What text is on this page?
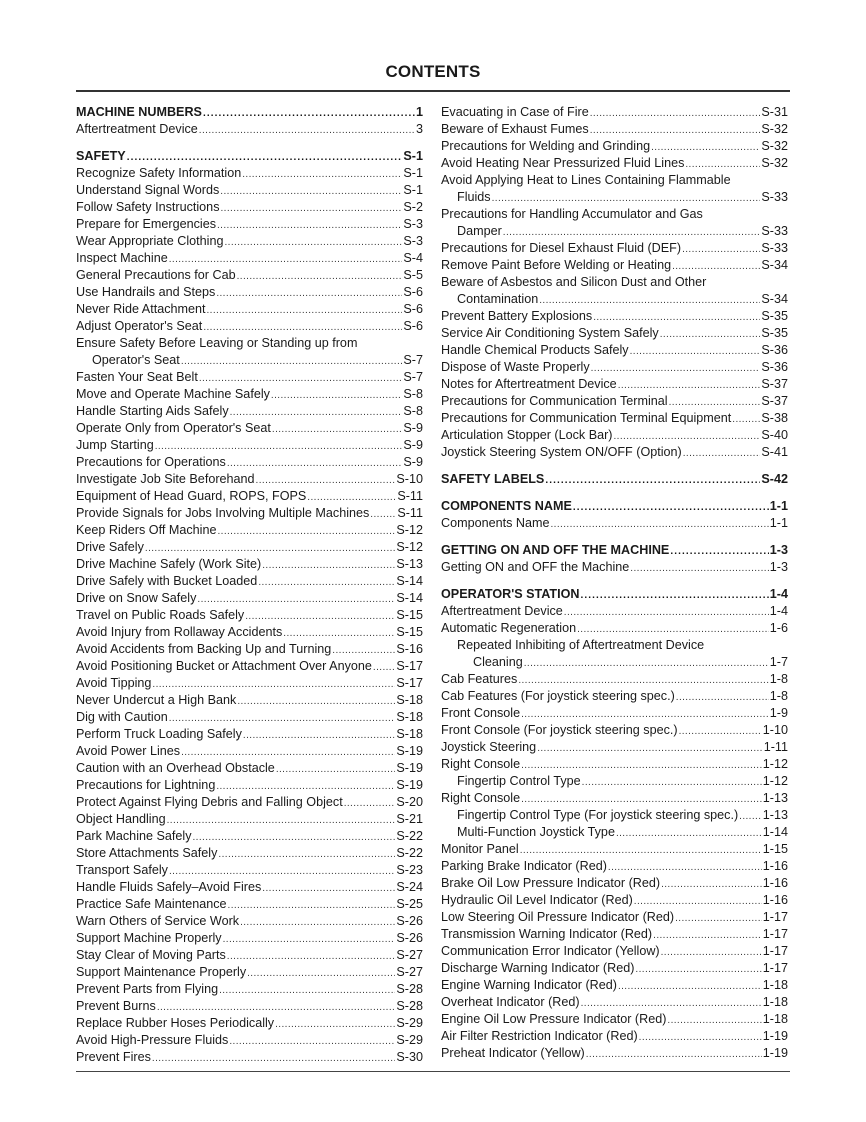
CONTENTS
MACHINE NUMBERS .....	1
Aftertreatment Device .....	3
SAFETY .....	S-1
Recognize Safety Information .....	S-1
Understand Signal Words .....	S-1
Follow Safety Instructions .....	S-2
Prepare for Emergencies .....	S-3
Wear Appropriate Clothing .....	S-3
Inspect Machine .....	S-4
General Precautions for Cab .....	S-5
Use Handrails and Steps .....	S-6
Never Ride Attachment .....	S-6
Adjust Operator's Seat .....	S-6
Ensure Safety Before Leaving or Standing up from
Operator's Seat .....	S-7
Fasten Your Seat Belt .....	S-7
Move and Operate Machine Safely .....	S-8
Handle Starting Aids Safely .....	S-8
Operate Only from Operator's Seat .....	S-9
Jump Starting .....	S-9
Precautions for Operations .....	S-9
Investigate Job Site Beforehand .....	S-10
Equipment of Head Guard, ROPS, FOPS .....	S-11
Provide Signals for Jobs Involving Multiple Machines ..... S-11
Keep Riders Off Machine .....	S-12
Drive Safely .....	S-12
Drive Machine Safely (Work Site) .....	S-13
Drive Safely with Bucket Loaded .....	S-14
Drive on Snow Safely .....	S-14
Travel on Public Roads Safely .....	S-15
Avoid Injury from Rollaway Accidents .....	S-15
Avoid Accidents from Backing Up and Turning .....	S-16
Avoid Positioning Bucket or Attachment Over Anyone ..... S-17
Avoid Tipping .....	S-17
Never Undercut a High Bank .....	S-18
Dig with Caution .....	S-18
Perform Truck Loading Safely .....	S-18
Avoid Power Lines .....	S-19
Caution with an Overhead Obstacle .....	S-19
Precautions for Lightning .....	S-19
Protect Against Flying Debris and Falling Object .....	S-20
Object Handling .....	S-21
Park Machine Safely .....	S-22
Store Attachments Safely .....	S-22
Transport Safely .....	S-23
Handle Fluids Safely–Avoid Fires .....	S-24
Practice Safe Maintenance .....	S-25
Warn Others of Service Work .....	S-26
Support Machine Properly .....	S-26
Stay Clear of Moving Parts .....	S-27
Support Maintenance Properly .....	S-27
Prevent Parts from Flying .....	S-28
Prevent Burns .....	S-28
Replace Rubber Hoses Periodically .....	S-29
Avoid High-Pressure Fluids .....	S-29
Prevent Fires .....	S-30
Evacuating in Case of Fire .....	S-31
Beware of Exhaust Fumes .....	S-32
Precautions for Welding and Grinding .....	S-32
Avoid Heating Near Pressurized Fluid Lines .....	S-32
Avoid Applying Heat to Lines Containing Flammable
Fluids .....	S-33
Precautions for Handling Accumulator and Gas
Damper .....	S-33
Precautions for Diesel Exhaust Fluid (DEF) .....	S-33
Remove Paint Before Welding or Heating .....	S-34
Beware of Asbestos and Silicon Dust and Other
Contamination .....	S-34
Prevent Battery Explosions .....	S-35
Service Air Conditioning System Safely .....	S-35
Handle Chemical Products Safely .....	S-36
Dispose of Waste Properly .....	S-36
Notes for Aftertreatment Device .....	S-37
Precautions for Communication Terminal .....	S-37
Precautions for Communication Terminal Equipment ..... S-38
Articulation Stopper (Lock Bar) .....	S-40
Joystick Steering System ON/OFF (Option) .....	S-41
SAFETY LABELS .....	S-42
COMPONENTS NAME .....	1-1
Components Name .....	1-1
GETTING ON AND OFF THE MACHINE .....	1-3
Getting ON and OFF the Machine .....	1-3
OPERATOR'S STATION .....	1-4
Aftertreatment Device .....	1-4
Automatic Regeneration .....	1-6
Repeated Inhibiting of Aftertreatment Device
Cleaning .....	1-7
Cab Features .....	1-8
Cab Features (For joystick steering spec.) .....	1-8
Front Console .....	1-9
Front Console (For joystick steering spec.) .....	1-10
Joystick Steering .....	1-11
Right Console .....	1-12
Fingertip Control Type .....	1-12
Right Console .....	1-13
Fingertip Control Type (For joystick steering spec.) ..... 1-13
Multi-Function Joystick Type .....	1-14
Monitor Panel .....	1-15
Parking Brake Indicator (Red) .....	1-16
Brake Oil Low Pressure Indicator (Red) .....	1-16
Hydraulic Oil Level Indicator (Red) .....	1-16
Low Steering Oil Pressure Indicator (Red) .....	1-17
Transmission Warning Indicator (Red) .....	1-17
Communication Error Indicator (Yellow) .....	1-17
Discharge Warning Indicator (Red) .....	1-17
Engine Warning Indicator (Red) .....	1-18
Overheat Indicator (Red) .....	1-18
Engine Oil Low Pressure Indicator (Red) .....	1-18
Air Filter Restriction Indicator (Red) .....	1-19
Preheat Indicator (Yellow) .....	1-19
